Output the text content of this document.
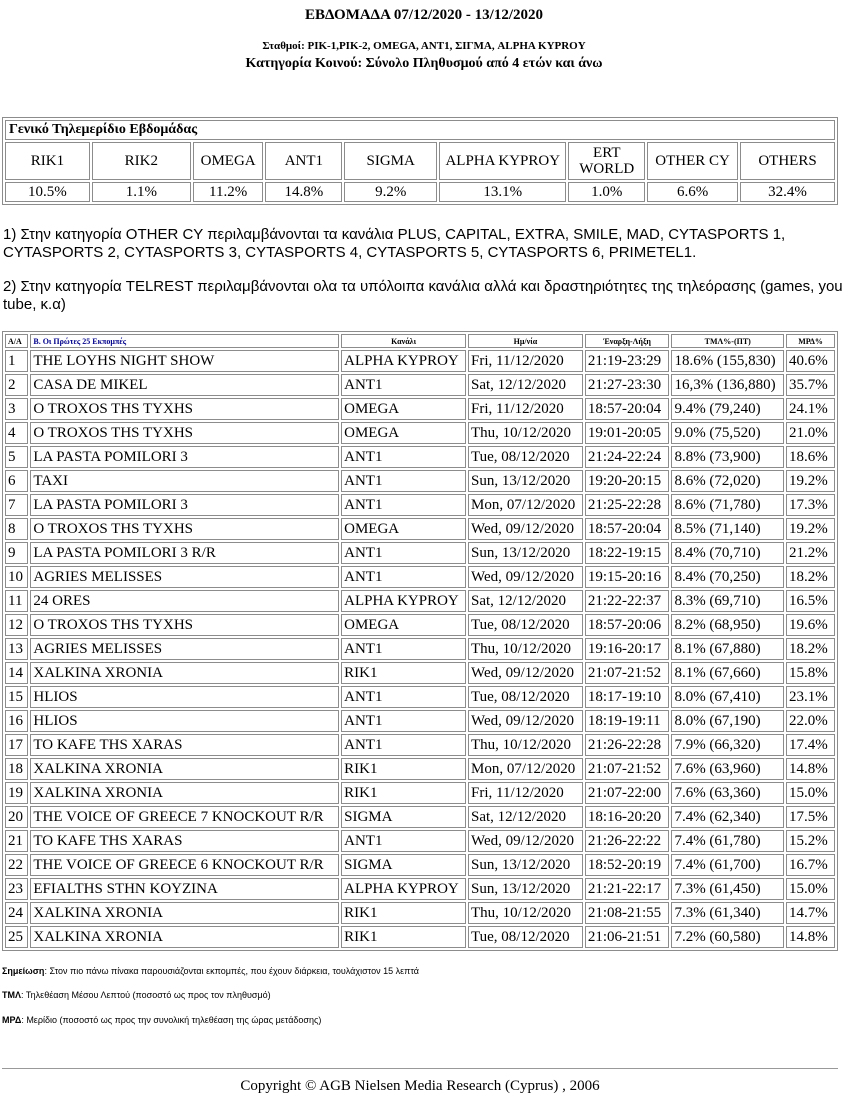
ΕΒΔΟΜΑΔΑ 07/12/2020 - 13/12/2020
Σταθμοί: ΡΙΚ-1,ΡΙΚ-2, OMEGA, ANT1, ΣΙΓΜΑ, ALPHA KYPROY
Κατηγορία Κοινού: Σύνολο Πληθυσμού από 4 ετών και άνω
Γενικό Τηλεμερίδιο Εβδομάδας								
RIK1	RIK2	OMEGA	ANT1	SIGMA	ALPHA KYPROY	ERT WORLD	OTHER CY	OTHERS
10.5%	1.1%	11.2%	14.8%	9.2%	13.1%	1.0%	6.6%	32.4%
1) Στην κατηγορία OTHER CY περιλαμβάνονται τα κανάλια PLUS, CAPITAL, EXTRA, SMILE, MAD, CYTASPORTS 1, CYTASPORTS 2, CYTASPORTS 3, CYTASPORTS 4, CYTASPORTS 5, CYTASPORTS 6, PRIMETEL1.
2) Στην κατηγορία TELREST περιλαμβάνονται ολα τα υπόλοιπα κανάλια αλλά και δραστηριότητες της τηλεόρασης (games, you tube, κ.α)
Α/Α	B. Οι Πρώτες 25 Εκπομπές	Κανάλι	Ημ/νία	Έναρξη-Λήξη	ΤΜΛ%-(ΠΤ)	ΜΡΔ%
1	THE LOYHS NIGHT SHOW	ALPHA KYPROY	Fri, 11/12/2020	21:19-23:29	18.6% (155,830)	40.6%
2	CASA DE MIKEL	ANT1	Sat, 12/12/2020	21:27-23:30	16,3% (136,880)	35.7%
3	O TROXOS THS TYXHS	OMEGA	Fri, 11/12/2020	18:57-20:04	9.4% (79,240)	24.1%
4	O TROXOS THS TYXHS	OMEGA	Thu, 10/12/2020	19:01-20:05	9.0% (75,520)	21.0%
5	LA PASTA POMILORI 3	ANT1	Tue, 08/12/2020	21:24-22:24	8.8% (73,900)	18.6%
6	TAXI	ANT1	Sun, 13/12/2020	19:20-20:15	8.6% (72,020)	19.2%
7	LA PASTA POMILORI 3	ANT1	Mon, 07/12/2020	21:25-22:28	8.6% (71,780)	17.3%
8	O TROXOS THS TYXHS	OMEGA	Wed, 09/12/2020	18:57-20:04	8.5% (71,140)	19.2%
9	LA PASTA POMILORI 3 R/R	ANT1	Sun, 13/12/2020	18:22-19:15	8.4% (70,710)	21.2%
10	AGRIES MELISSES	ANT1	Wed, 09/12/2020	19:15-20:16	8.4% (70,250)	18.2%
11	24 ORES	ALPHA KYPROY	Sat, 12/12/2020	21:22-22:37	8.3% (69,710)	16.5%
12	O TROXOS THS TYXHS	OMEGA	Tue, 08/12/2020	18:57-20:06	8.2% (68,950)	19.6%
13	AGRIES MELISSES	ANT1	Thu, 10/12/2020	19:16-20:17	8.1% (67,880)	18.2%
14	XALKINA XRONIA	RIK1	Wed, 09/12/2020	21:07-21:52	8.1% (67,660)	15.8%
15	HLIOS	ANT1	Tue, 08/12/2020	18:17-19:10	8.0% (67,410)	23.1%
16	HLIOS	ANT1	Wed, 09/12/2020	18:19-19:11	8.0% (67,190)	22.0%
17	TO KAFE THS XARAS	ANT1	Thu, 10/12/2020	21:26-22:28	7.9% (66,320)	17.4%
18	XALKINA XRONIA	RIK1	Mon, 07/12/2020	21:07-21:52	7.6% (63,960)	14.8%
19	XALKINA XRONIA	RIK1	Fri, 11/12/2020	21:07-22:00	7.6% (63,360)	15.0%
20	THE VOICE OF GREECE 7 KNOCKOUT R/R	SIGMA	Sat, 12/12/2020	18:16-20:20	7.4% (62,340)	17.5%
21	TO KAFE THS XARAS	ANT1	Wed, 09/12/2020	21:26-22:22	7.4% (61,780)	15.2%
22	THE VOICE OF GREECE 6 KNOCKOUT R/R	SIGMA	Sun, 13/12/2020	18:52-20:19	7.4% (61,700)	16.7%
23	EFIALTHS STHN KOYZINA	ALPHA KYPROY	Sun, 13/12/2020	21:21-22:17	7.3% (61,450)	15.0%
24	XALKINA XRONIA	RIK1	Thu, 10/12/2020	21:08-21:55	7.3% (61,340)	14.7%
25	XALKINA XRONIA	RIK1	Tue, 08/12/2020	21:06-21:51	7.2% (60,580)	14.8%
Σημείωση: Στον πιο πάνω πίνακα παρουσιάζονται εκπομπές, που έχουν διάρκεια, τουλάχιστον 15 λεπτά
ΤΜΛ: Τηλεθέαση Μέσου Λεπτού (ποσοστό ως προς τον πληθυσμό)
ΜΡΔ: Μερίδιο (ποσοστό ως προς την συνολική τηλεθέαση της ώρας μετάδοσης)
Copyright © AGB Nielsen Media Research (Cyprus) , 2006
